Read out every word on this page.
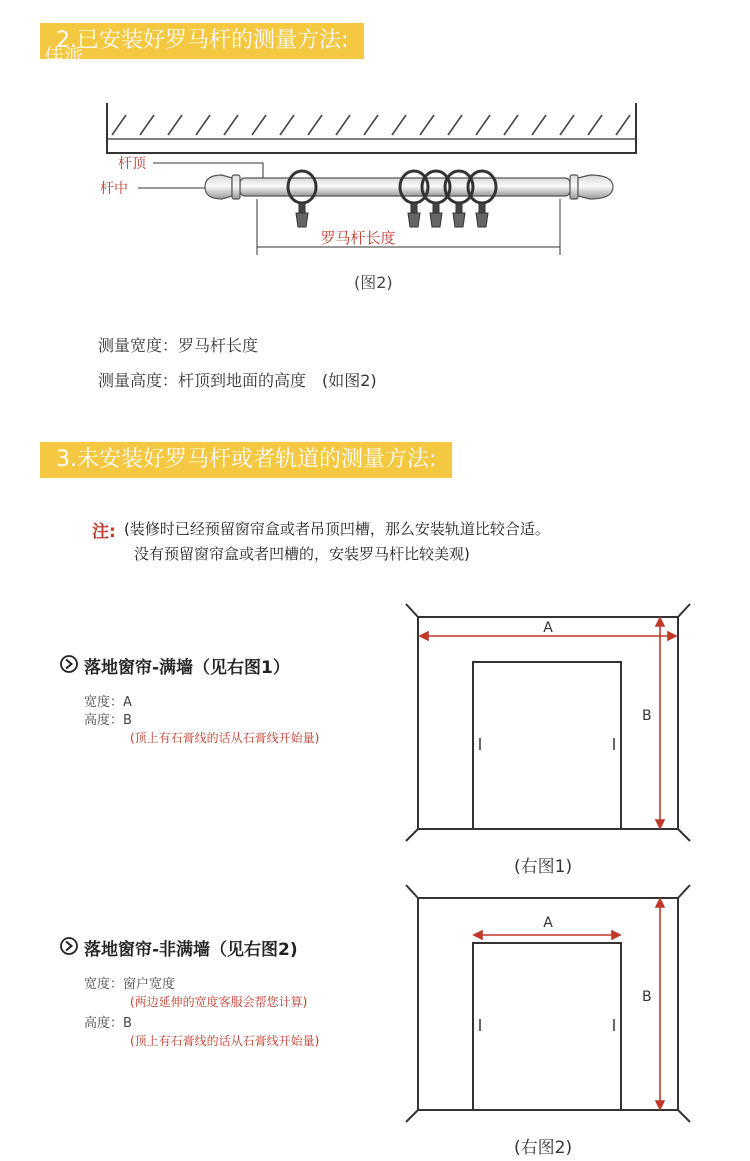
2.已安装好罗马杆的测量方法:
佳派
杆顶
杆中
罗马杆长度
(图2)
测量宽度：罗马杆长度
测量高度：杆顶到地面的高度　(如图2)
3.未安装好罗马杆或者轨道的测量方法:
注: (装修时已经预留窗帘盒或者吊顶凹槽，那么安装轨道比较合适。
没有预留窗帘盒或者凹槽的，安装罗马杆比较美观)
落地窗帘-满墙（见右图1）
宽度：A
高度：B
(顶上有石膏线的话从石膏线开始量)
A
B
(右图1)
落地窗帘-非满墙（见右图2)
宽度：窗户宽度
(两边延伸的宽度客服会帮您计算)
高度：B
(顶上有石膏线的话从石膏线开始量)
A
B
(右图2)
